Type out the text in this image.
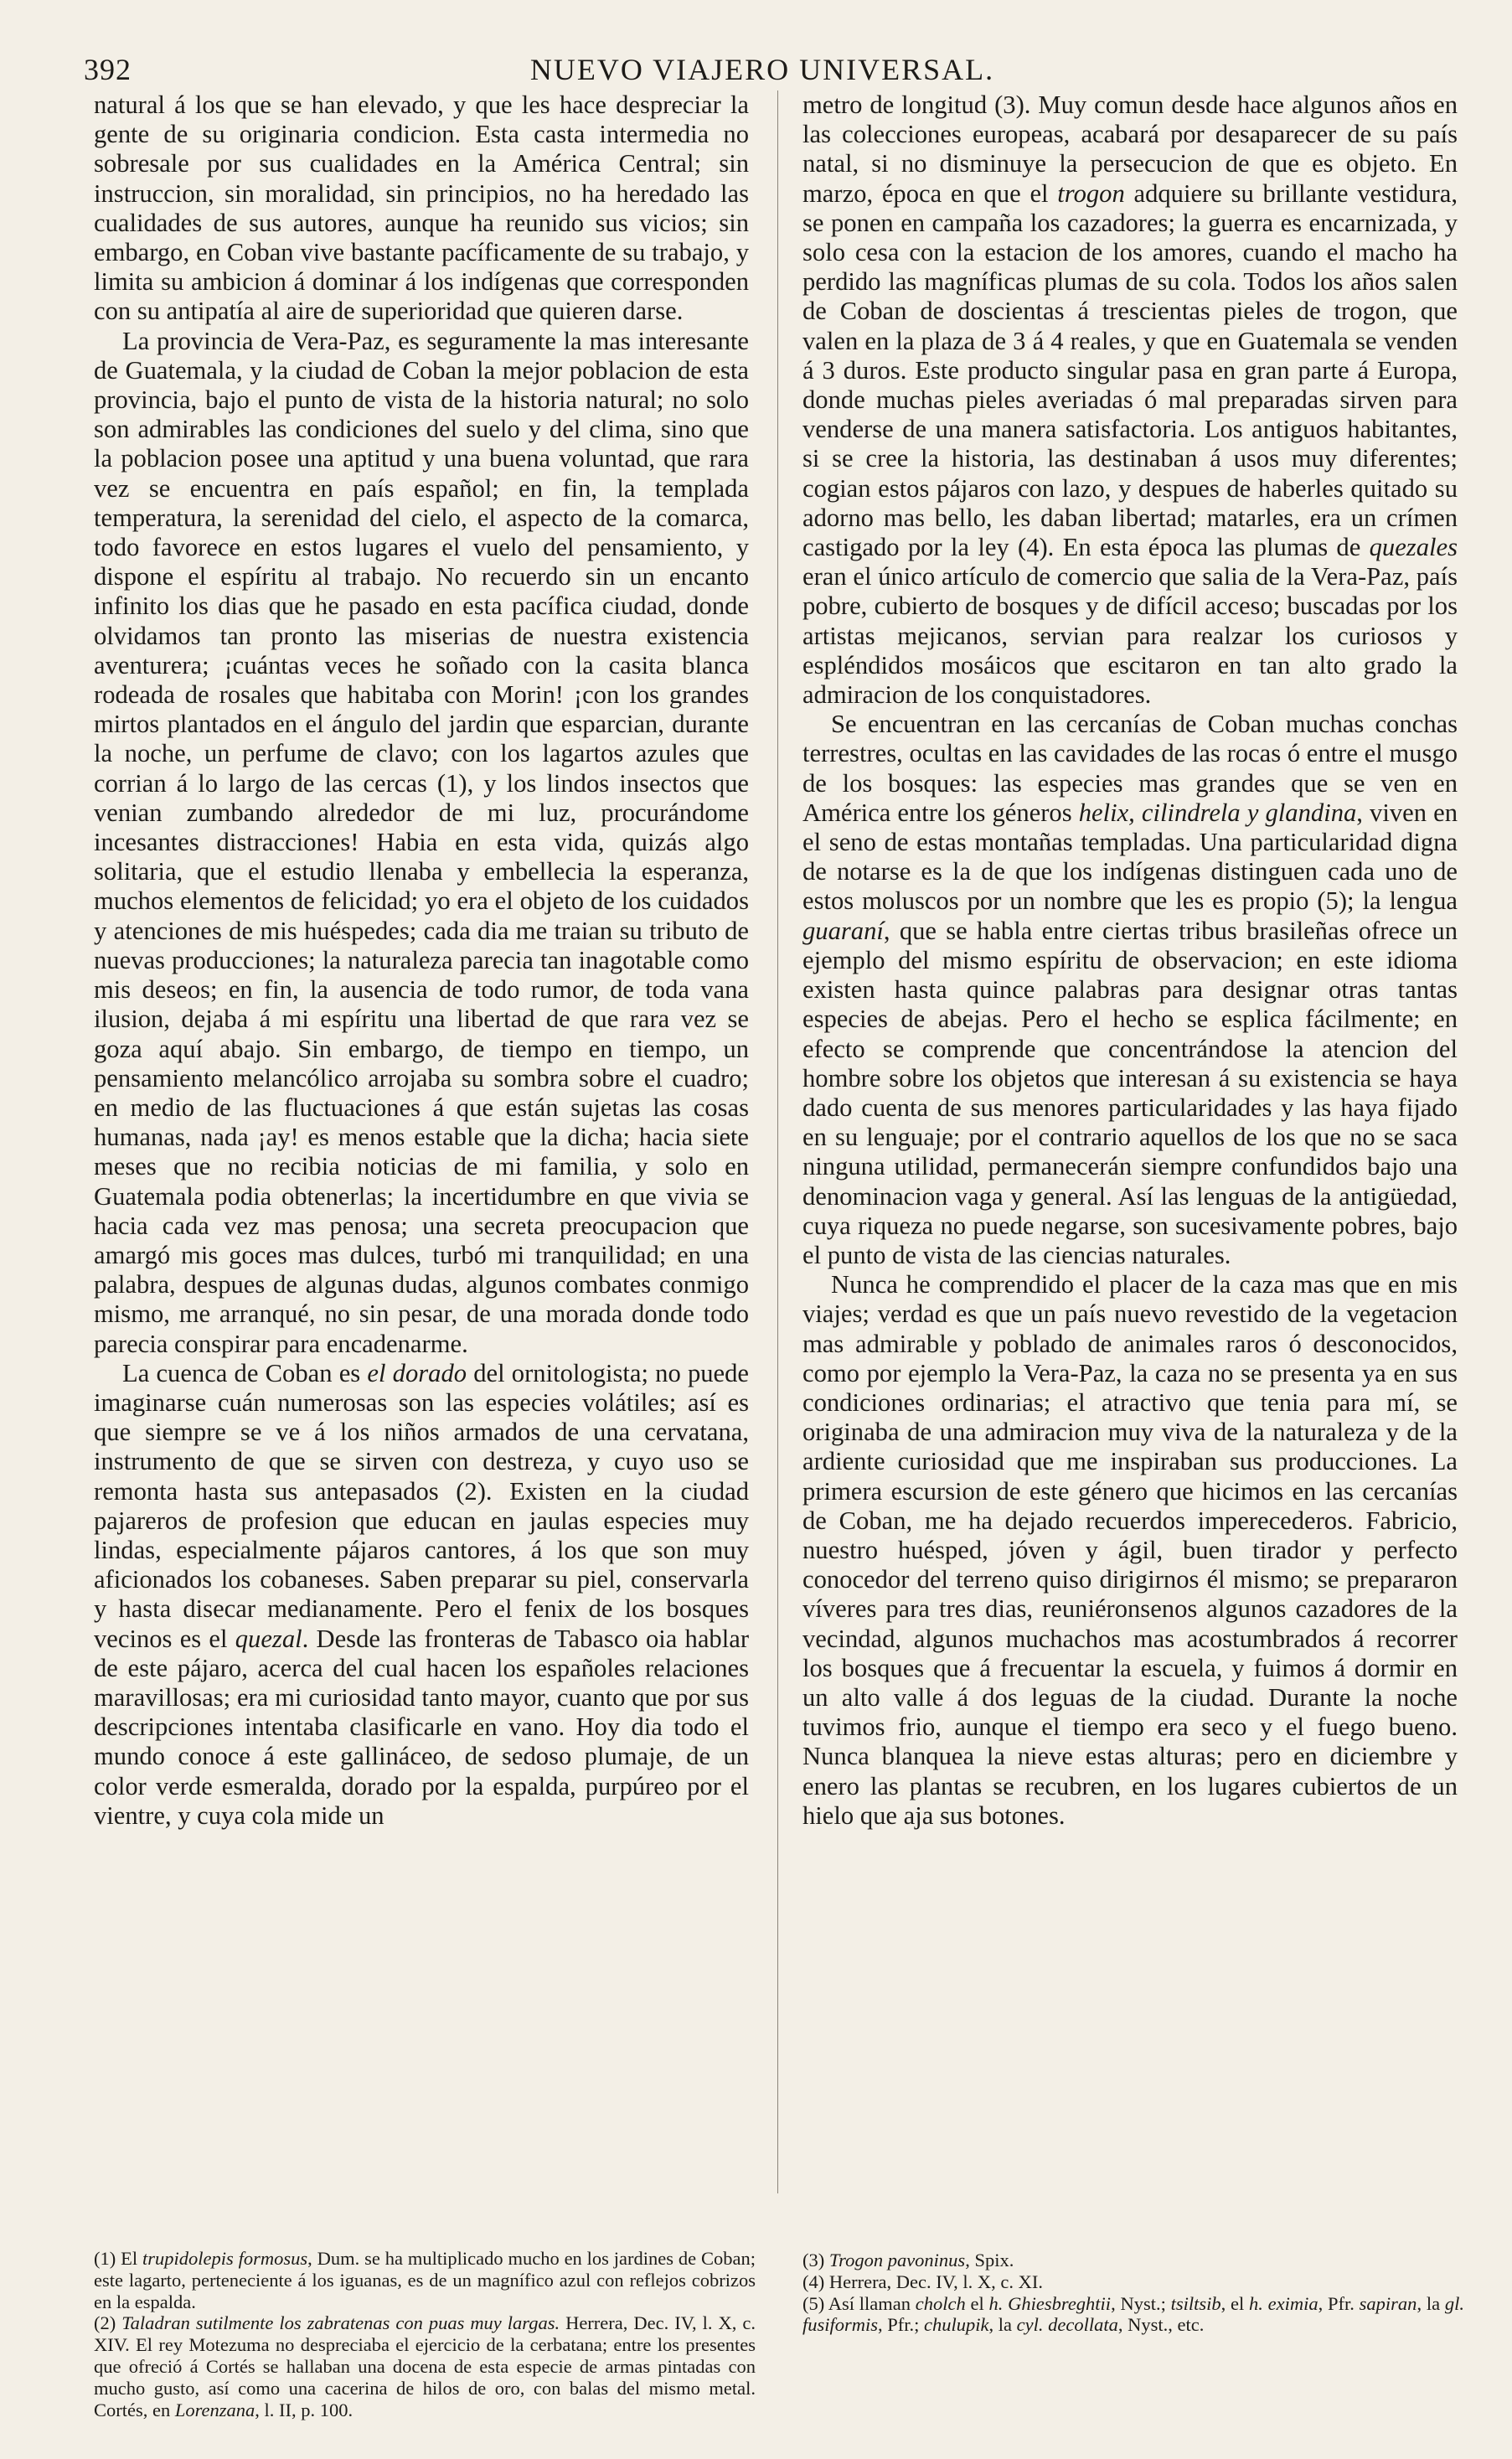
392	NUEVO VIAJERO UNIVERSAL.

natural á los que se han elevado, y que les hace despreciar la gente de su originaria condicion. Esta casta intermedia no sobresale por sus cualidades en la América Central; sin instruccion, sin moralidad, sin principios, no ha heredado las cualidades de sus autores, aunque ha reunido sus vicios; sin embargo, en Coban vive bastante pacíficamente de su trabajo, y limita su ambicion á dominar á los indígenas que corresponden con su antipatía al aire de superioridad que quieren darse.

La provincia de Vera-Paz, es seguramente la mas interesante de Guatemala, y la ciudad de Coban la mejor poblacion de esta provincia, bajo el punto de vista de la historia natural; no solo son admirables las condiciones del suelo y del clima, sino que la poblacion posee una aptitud y una buena voluntad, que rara vez se encuentra en país español; en fin, la templada temperatura, la serenidad del cielo, el aspecto de la comarca, todo favorece en estos lugares el vuelo del pensamiento, y dispone el espíritu al trabajo. No recuerdo sin un encanto infinito los dias que he pasado en esta pacífica ciudad, donde olvidamos tan pronto las miserias de nuestra existencia aventurera; ¡cuántas veces he soñado con la casita blanca rodeada de rosales que habitaba con Morin! ¡con los grandes mirtos plantados en el ángulo del jardin que esparcian, durante la noche, un perfume de clavo; con los lagartos azules que corrian á lo largo de las cercas (1), y los lindos insectos que venian zumbando alrededor de mi luz, procurándome incesantes distracciones! Habia en esta vida, quizás algo solitaria, que el estudio llenaba y embellecia la esperanza, muchos elementos de felicidad; yo era el objeto de los cuidados y atenciones de mis huéspedes; cada dia me traian su tributo de nuevas producciones; la naturaleza parecia tan inagotable como mis deseos; en fin, la ausencia de todo rumor, de toda vana ilusion, dejaba á mi espíritu una libertad de que rara vez se goza aquí abajo. Sin embargo, de tiempo en tiempo, un pensamiento melancólico arrojaba su sombra sobre el cuadro; en medio de las fluctuaciones á que están sujetas las cosas humanas, nada ¡ay! es menos estable que la dicha; hacia siete meses que no recibia noticias de mi familia, y solo en Guatemala podia obtenerlas; la incertidumbre en que vivia se hacia cada vez mas penosa; una secreta preocupacion que amargó mis goces mas dulces, turbó mi tranquilidad; en una palabra, despues de algunas dudas, algunos combates conmigo mismo, me arranqué, no sin pesar, de una morada donde todo parecia conspirar para encadenarme.

La cuenca de Coban es el dorado del ornitologista; no puede imaginarse cuán numerosas son las especies volátiles; así es que siempre se ve á los niños armados de una cervatana, instrumento de que se sirven con destreza, y cuyo uso se remonta hasta sus antepasados (2). Existen en la ciudad pajareros de profesion que educan en jaulas especies muy lindas, especialmente pájaros cantores, á los que son muy aficionados los cobaneses. Saben preparar su piel, conservarla y hasta disecar medianamente. Pero el fenix de los bosques vecinos es el quezal. Desde las fronteras de Tabasco oia hablar de este pájaro, acerca del cual hacen los españoles relaciones maravillosas; era mi curiosidad tanto mayor, cuanto que por sus descripciones intentaba clasificarle en vano. Hoy dia todo el mundo conoce á este gallináceo, de sedoso plumaje, de un color verde esmeralda, dorado por la espalda, purpúreo por el vientre, y cuya cola mide un

metro de longitud (3). Muy comun desde hace algunos años en las colecciones europeas, acabará por desaparecer de su país natal, si no disminuye la persecucion de que es objeto. En marzo, época en que el trogon adquiere su brillante vestidura, se ponen en campaña los cazadores; la guerra es encarnizada, y solo cesa con la estacion de los amores, cuando el macho ha perdido las magníficas plumas de su cola. Todos los años salen de Coban de doscientas á trescientas pieles de trogon, que valen en la plaza de 3 á 4 reales, y que en Guatemala se venden á 3 duros. Este producto singular pasa en gran parte á Europa, donde muchas pieles averiadas ó mal preparadas sirven para venderse de una manera satisfactoria. Los antiguos habitantes, si se cree la historia, las destinaban á usos muy diferentes; cogian estos pájaros con lazo, y despues de haberles quitado su adorno mas bello, les daban libertad; matarles, era un crímen castigado por la ley (4). En esta época las plumas de quezales eran el único artículo de comercio que salia de la Vera-Paz, país pobre, cubierto de bosques y de difícil acceso; buscadas por los artistas mejicanos, servian para realzar los curiosos y espléndidos mosáicos que escitaron en tan alto grado la admiracion de los conquistadores.

Se encuentran en las cercanías de Coban muchas conchas terrestres, ocultas en las cavidades de las rocas ó entre el musgo de los bosques: las especies mas grandes que se ven en América entre los géneros helix, cilindrela y glandina, viven en el seno de estas montañas templadas. Una particularidad digna de notarse es la de que los indígenas distinguen cada uno de estos moluscos por un nombre que les es propio (5); la lengua guaraní, que se habla entre ciertas tribus brasileñas ofrece un ejemplo del mismo espíritu de observacion; en este idioma existen hasta quince palabras para designar otras tantas especies de abejas. Pero el hecho se esplica fácilmente; en efecto se comprende que concentrándose la atencion del hombre sobre los objetos que interesan á su existencia se haya dado cuenta de sus menores particularidades y las haya fijado en su lenguaje; por el contrario aquellos de los que no se saca ninguna utilidad, permanecerán siempre confundidos bajo una denominacion vaga y general. Así las lenguas de la antigüedad, cuya riqueza no puede negarse, son sucesivamente pobres, bajo el punto de vista de las ciencias naturales.

Nunca he comprendido el placer de la caza mas que en mis viajes; verdad es que un país nuevo revestido de la vegetacion mas admirable y poblado de animales raros ó desconocidos, como por ejemplo la Vera-Paz, la caza no se presenta ya en sus condiciones ordinarias; el atractivo que tenia para mí, se originaba de una admiracion muy viva de la naturaleza y de la ardiente curiosidad que me inspiraban sus producciones. La primera escursion de este género que hicimos en las cercanías de Coban, me ha dejado recuerdos imperecederos. Fabricio, nuestro huésped, jóven y ágil, buen tirador y perfecto conocedor del terreno quiso dirigirnos él mismo; se prepararon víveres para tres dias, reuniéronsenos algunos cazadores de la vecindad, algunos muchachos mas acostumbrados á recorrer los bosques que á frecuentar la escuela, y fuimos á dormir en un alto valle á dos leguas de la ciudad. Durante la noche tuvimos frio, aunque el tiempo era seco y el fuego bueno. Nunca blanquea la nieve estas alturas; pero en diciembre y enero las plantas se recubren, en los lugares cubiertos de un hielo que aja sus botones.

(1) El trupidolepis formosus, Dum. se ha multiplicado mucho en los jardines de Coban; este lagarto, perteneciente á los iguanas, es de un magnífico azul con reflejos cobrizos en la espalda.

(2) Taladran sutilmente los zabratenas con puas muy largas. Herrera, Dec. IV, l. X, c. XIV. El rey Motezuma no despreciaba el ejercicio de la cerbatana; entre los presentes que ofreció á Cortés se hallaban una docena de esta especie de armas pintadas con mucho gusto, así como una cacerina de hilos de oro, con balas del mismo metal. Cortés, en Lorenzana, l. II, p. 100.

(3) Trogon pavoninus, Spix.

(4) Herrera, Dec. IV, l. X, c. XI.

(5) Así llaman cholch el h. Ghiesbreghtii, Nyst.; tsiltsib, el h. eximia, Pfr. sapiran, la gl. fusiformis, Pfr.; chulupik, la cyl. decollata, Nyst., etc.
